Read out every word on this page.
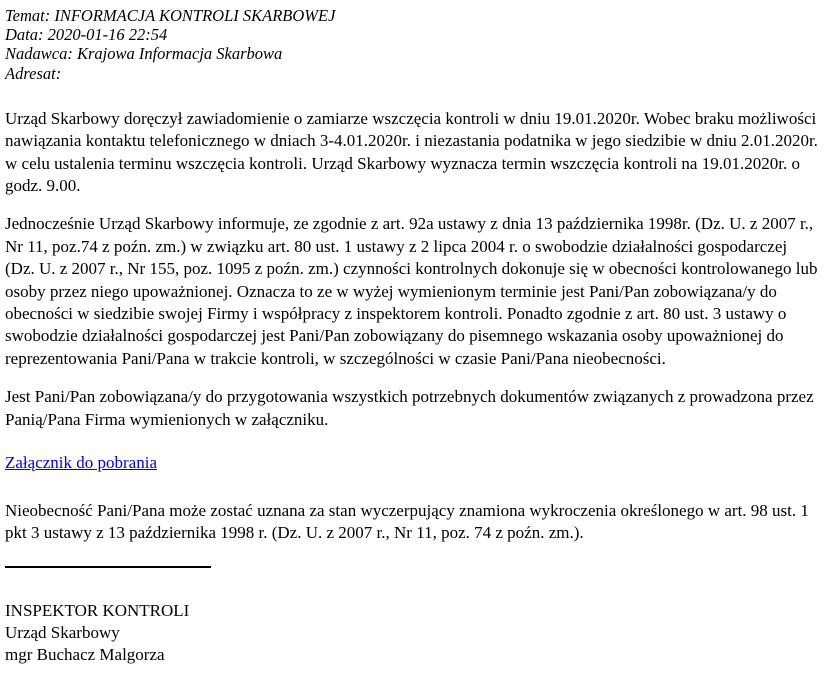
Temat: INFORMACJA KONTROLI SKARBOWEJ
Data: 2020-01-16 22:54
Nadawca: Krajowa Informacja Skarbowa
Adresat:

Urząd Skarbowy doręczył zawiadomienie o zamiarze wszczęcia kontroli w dniu 19.01.2020r. Wobec braku możliwości nawiązania kontaktu telefonicznego w dniach 3-4.01.2020r. i niezastania podatnika w jego siedzibie w dniu 2.01.2020r. w celu ustalenia terminu wszczęcia kontroli. Urząd Skarbowy wyznacza termin wszczęcia kontroli na 19.01.2020r. o godz. 9.00.

Jednocześnie Urząd Skarbowy informuje, ze zgodnie z art. 92a ustawy z dnia 13 października 1998r. (Dz. U. z 2007 r., Nr 11, poz.74 z poźn. zm.) w związku art. 80 ust. 1 ustawy z 2 lipca 2004 r. o swobodzie działalności gospodarczej (Dz. U. z 2007 r., Nr 155, poz. 1095 z poźn. zm.) czynności kontrolnych dokonuje się w obecności kontrolowanego lub osoby przez niego upoważnionej. Oznacza to ze w wyżej wymienionym terminie jest Pani/Pan zobowiązana/y do obecności w siedzibie swojej Firmy i współpracy z inspektorem kontroli. Ponadto zgodnie z art. 80 ust. 3 ustawy o swobodzie działalności gospodarczej jest Pani/Pan zobowiązany do pisemnego wskazania osoby upoważnionej do reprezentowania Pani/Pana w trakcie kontroli, w szczególności w czasie Pani/Pana nieobecności.

Jest Pani/Pan zobowiązana/y do przygotowania wszystkich potrzebnych dokumentów związanych z prowadzona przez Panią/Pana Firma wymienionych w załączniku.

Załącznik do pobrania

Nieobecność Pani/Pana może zostać uznana za stan wyczerpujący znamiona wykroczenia określonego w art. 98 ust. 1 pkt 3 ustawy z 13 października 1998 r. (Dz. U. z 2007 r., Nr 11, poz. 74 z poźn. zm.).

INSPEKTOR KONTROLI
Urząd Skarbowy
mgr Buchacz Malgorza
